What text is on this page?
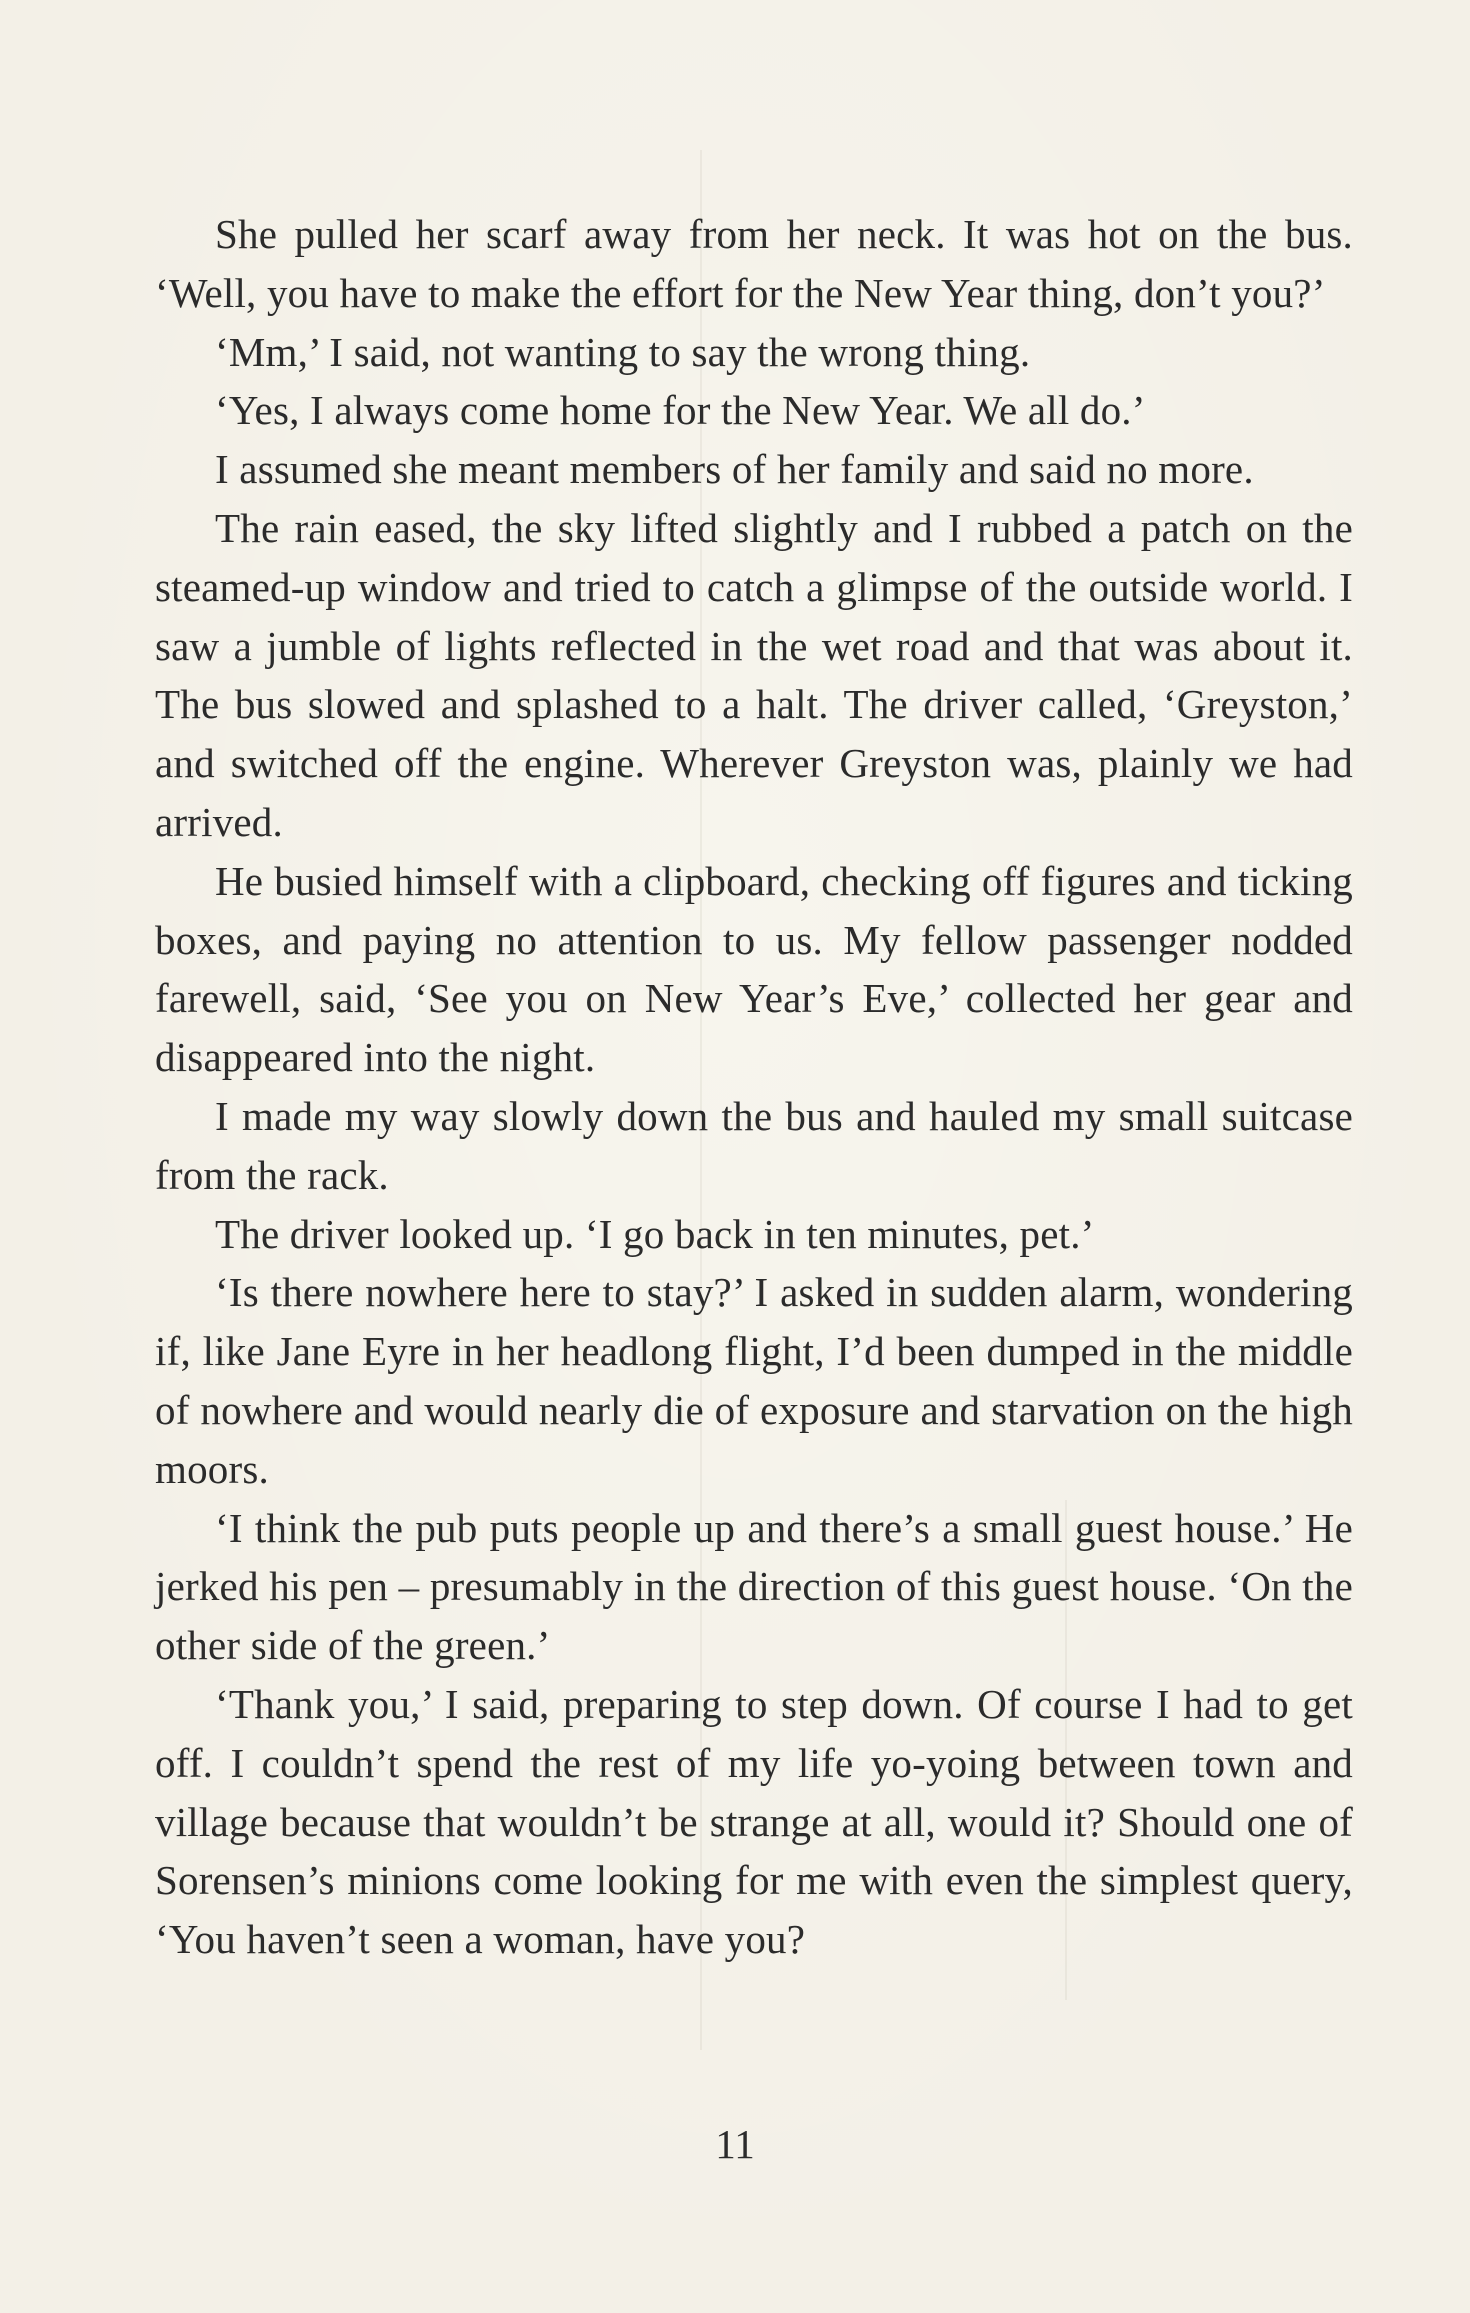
She pulled her scarf away from her neck. It was hot on the bus. ‘Well, you have to make the effort for the New Year thing, don’t you?’

‘Mm,’ I said, not wanting to say the wrong thing.

‘Yes, I always come home for the New Year. We all do.’

I assumed she meant members of her family and said no more.

The rain eased, the sky lifted slightly and I rubbed a patch on the steamed-up window and tried to catch a glimpse of the outside world. I saw a jumble of lights reflected in the wet road and that was about it. The bus slowed and splashed to a halt. The driver called, ‘Greyston,’ and switched off the engine. Wherever Greyston was, plainly we had arrived.

He busied himself with a clipboard, checking off figures and ticking boxes, and paying no attention to us. My fellow passenger nodded farewell, said, ‘See you on New Year’s Eve,’ collected her gear and disappeared into the night.

I made my way slowly down the bus and hauled my small suitcase from the rack.

The driver looked up. ‘I go back in ten minutes, pet.’

‘Is there nowhere here to stay?’ I asked in sudden alarm, wondering if, like Jane Eyre in her headlong flight, I’d been dumped in the middle of nowhere and would nearly die of exposure and starvation on the high moors.

‘I think the pub puts people up and there’s a small guest house.’ He jerked his pen – presumably in the direction of this guest house. ‘On the other side of the green.’

‘Thank you,’ I said, preparing to step down. Of course I had to get off. I couldn’t spend the rest of my life yo-yoing between town and village because that wouldn’t be strange at all, would it? Should one of Sorensen’s minions come looking for me with even the simplest query, ‘You haven’t seen a woman, have you?

11
